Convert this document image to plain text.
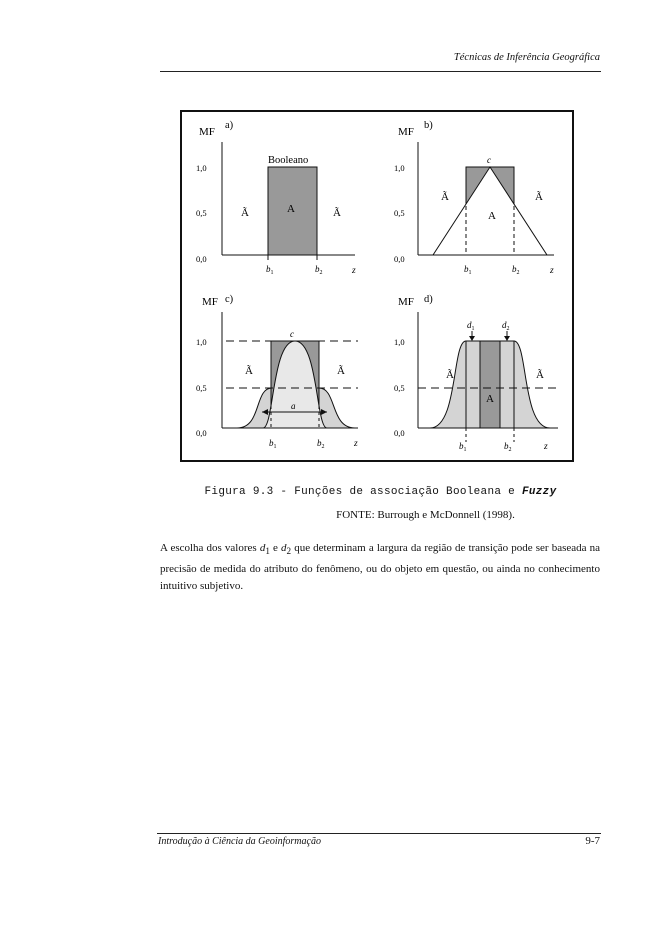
Técnicas de Inferência Geográfica
MF
a)
Booleano
1,0
0,5
0,0
A
Ã	Ã
$b_1$	$b_2$	z
MF
b)
c
1,0
0,5
0,0
A
Ã	Ã
$b_1$	$b_2$	z
MF c)
c
a
1,0
0,5
0,0
Ã	Ã
$b_1$	$b_2$	z
MF d)
$d_1$	$d_2$
1,0
0,5
0,0
A
Ã	Ã
$b_1$	$b_2$	z
Figura 9.3 - Funções de associação Booleana e Fuzzy
FONTE: Burrough e McDonnell (1998).
A escolha dos valores $d_1$ e $d_2$ que determinam a largura da região de transição pode ser baseada na precisão de medida do atributo do fenômeno, ou do objeto em questão, ou ainda no conhecimento intuitivo subjetivo.
Introdução à Ciência da Geoinformação	9-7
